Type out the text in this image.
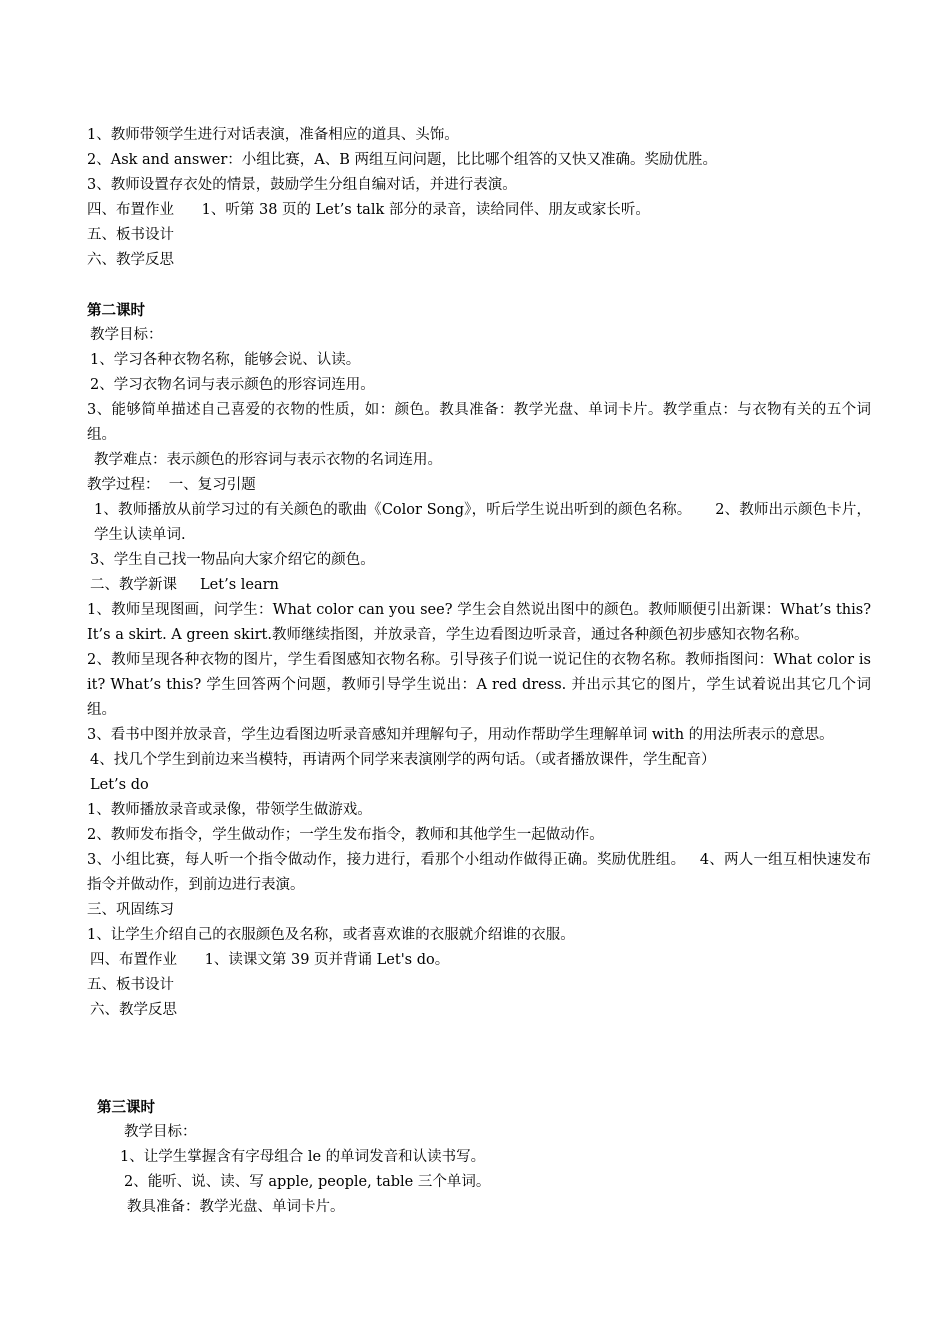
1、教师带领学生进行对话表演，准备相应的道具、头饰。
2、Ask and answer：小组比赛，A、B 两组互问问题，比比哪个组答的又快又准确。奖励优胜。
3、教师设置存衣处的情景，鼓励学生分组自编对话，并进行表演。
四、布置作业      1、听第 38 页的 Let’s talk 部分的录音，读给同伴、朋友或家长听。
五、板书设计
六、教学反思
第二课时
教学目标：
1、学习各种衣物名称，能够会说、认读。
2、学习衣物名词与表示颜色的形容词连用。
3、能够简单描述自己喜爱的衣物的性质，如：颜色。教具准备：教学光盘、单词卡片。教学重点：与衣物有关的五个词组。
教学难点：表示颜色的形容词与表示衣物的名词连用。
教学过程：  一、复习引题
1、教师播放从前学习过的有关颜色的歌曲《Color Song》，听后学生说出听到的颜色名称。     2、教师出示颜色卡片，学生认读单词.
3、学生自己找一物品向大家介绍它的颜色。
二、教学新课     Let’s learn
1、教师呈现图画，问学生：What color can you see? 学生会自然说出图中的颜色。教师顺便引出新课：What’s this? It’s a skirt. A green skirt.教师继续指图，并放录音，学生边看图边听录音，通过各种颜色初步感知衣物名称。
2、教师呈现各种衣物的图片，学生看图感知衣物名称。引导孩子们说一说记住的衣物名称。教师指图问：What color is it? What’s this? 学生回答两个问题，教师引导学生说出：A red dress. 并出示其它的图片，学生试着说出其它几个词组。
3、看书中图并放录音，学生边看图边听录音感知并理解句子，用动作帮助学生理解单词 with 的用法所表示的意思。
4、找几个学生到前边来当模特，再请两个同学来表演刚学的两句话。（或者播放课件，学生配音）
Let’s do
1、教师播放录音或录像，带领学生做游戏。
2、教师发布指令，学生做动作；一学生发布指令，教师和其他学生一起做动作。
3、小组比赛，每人听一个指令做动作，接力进行，看那个小组动作做得正确。奖励优胜组。   4、两人一组互相快速发布指令并做动作，到前边进行表演。
三、巩固练习
1、让学生介绍自己的衣服颜色及名称，或者喜欢谁的衣服就介绍谁的衣服。
四、布置作业      1、读课文第 39 页并背诵 Let's do。
五、板书设计
六、教学反思
第三课时
教学目标：
1、让学生掌握含有字母组合 le 的单词发音和认读书写。
2、能听、说、读、写 apple, people, table 三个单词。
教具准备：教学光盘、单词卡片。
